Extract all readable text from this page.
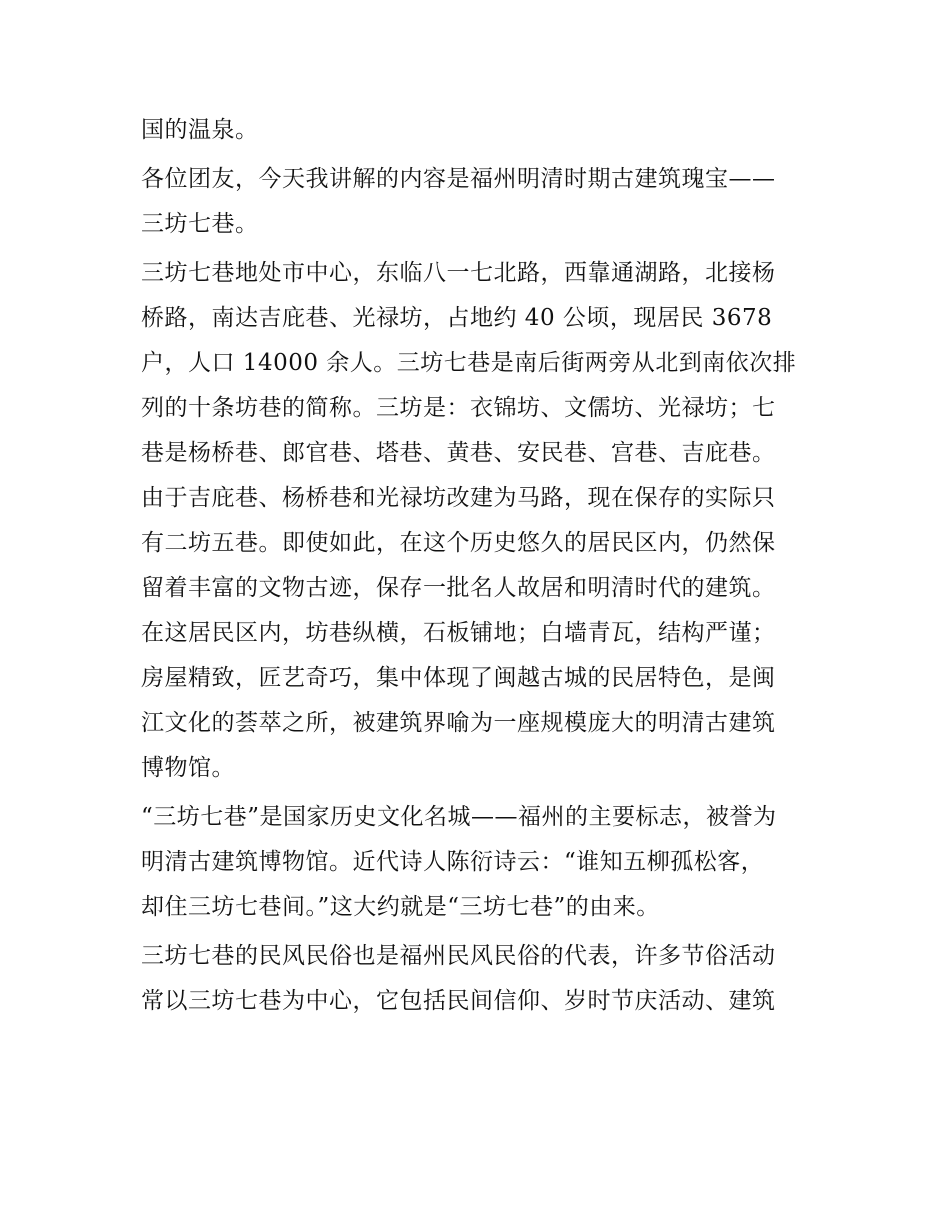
国的温泉。
各位团友，今天我讲解的内容是福州明清时期古建筑瑰宝——
三坊七巷。
三坊七巷地处市中心，东临八一七北路，西靠通湖路，北接杨
桥路，南达吉庇巷、光禄坊，占地约 40 公顷，现居民 3678
户，人口 14000 余人。三坊七巷是南后街两旁从北到南依次排
列的十条坊巷的简称。三坊是：衣锦坊、文儒坊、光禄坊；七
巷是杨桥巷、郎官巷、塔巷、黄巷、安民巷、宫巷、吉庇巷。
由于吉庇巷、杨桥巷和光禄坊改建为马路，现在保存的实际只
有二坊五巷。即使如此，在这个历史悠久的居民区内，仍然保
留着丰富的文物古迹，保存一批名人故居和明清时代的建筑。
在这居民区内，坊巷纵横，石板铺地；白墙青瓦，结构严谨；
房屋精致，匠艺奇巧，集中体现了闽越古城的民居特色，是闽
江文化的荟萃之所，被建筑界喻为一座规模庞大的明清古建筑
博物馆。
“三坊七巷”是国家历史文化名城——福州的主要标志，被誉为
明清古建筑博物馆。近代诗人陈衍诗云：“谁知五柳孤松客，
却住三坊七巷间。”这大约就是“三坊七巷”的由来。
三坊七巷的民风民俗也是福州民风民俗的代表，许多节俗活动
常以三坊七巷为中心，它包括民间信仰、岁时节庆活动、建筑
